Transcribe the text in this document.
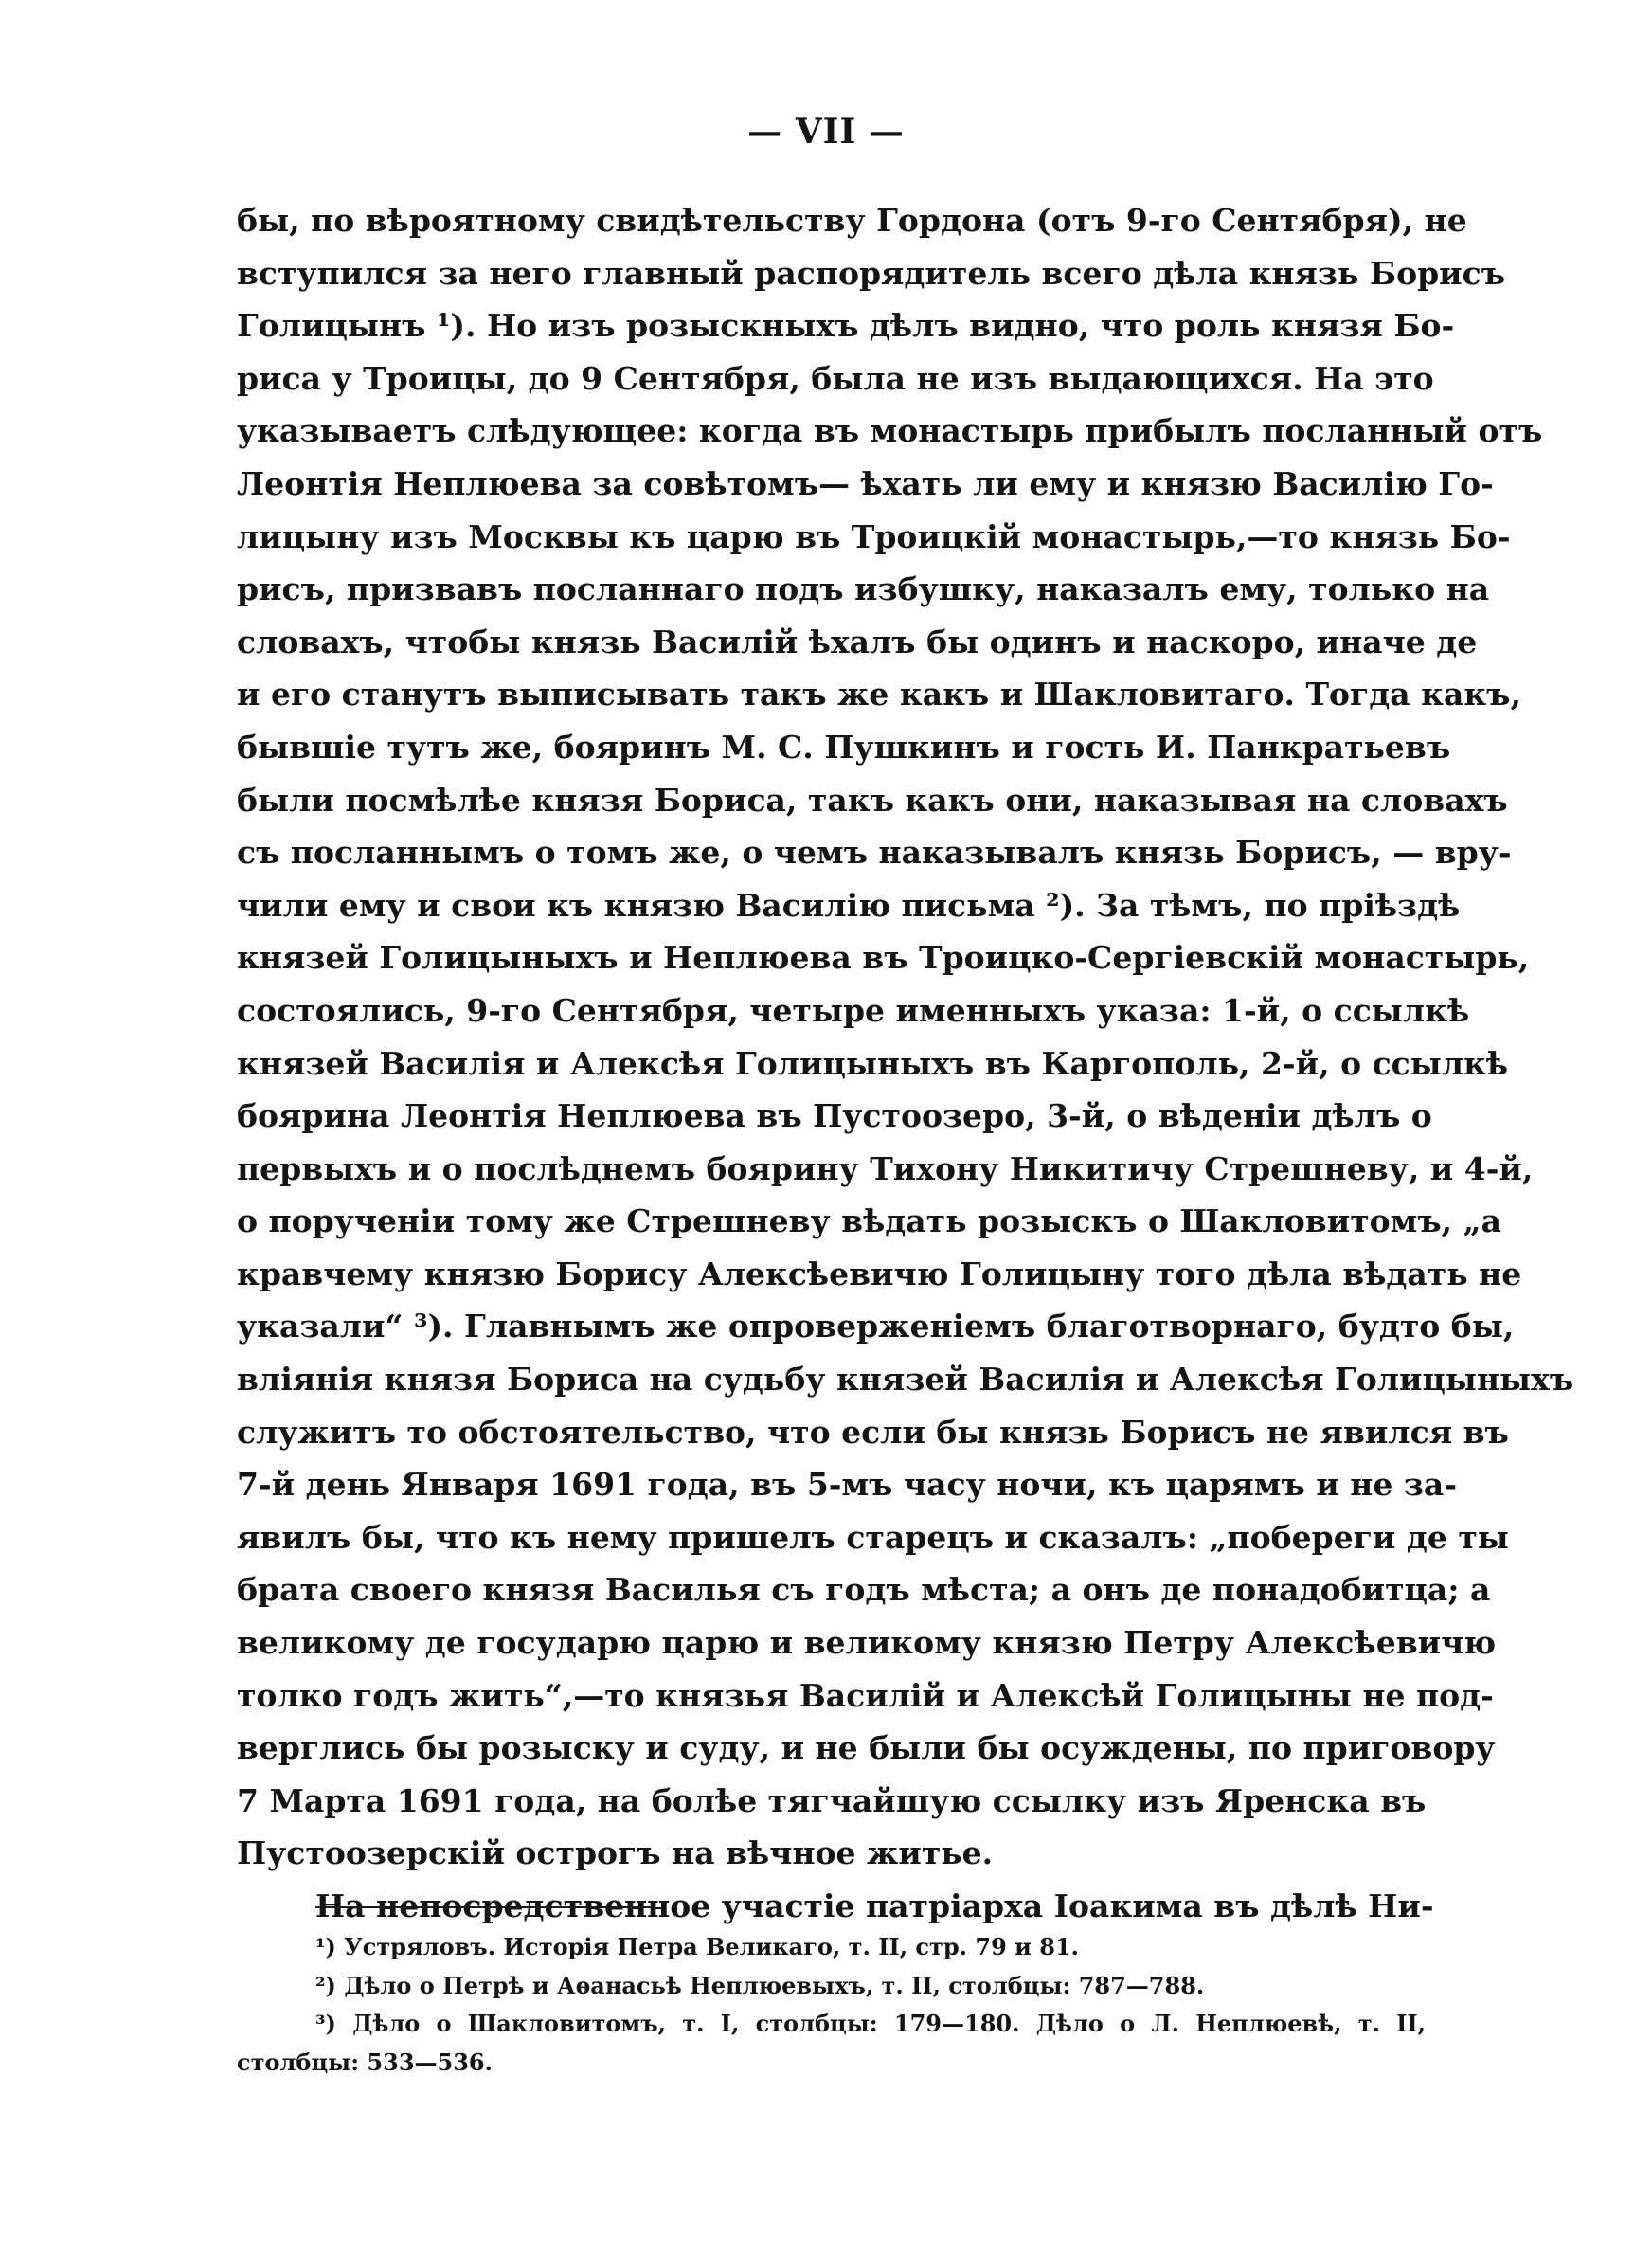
— VII —
бы, по вѣроятному свидѣтельству Гордона (отъ 9-го Сентября), не
вступился за него главный распорядитель всего дѣла князь Борисъ
Голицынъ ¹). Но изъ розыскныхъ дѣлъ видно, что роль князя Бо-
риса у Троицы, до 9 Сентября, была не изъ выдающихся. На это
указываетъ слѣдующее: когда въ монастырь прибылъ посланный отъ
Леонтія Неплюева за совѣтомъ— ѣхать ли ему и князю Василію Го-
лицыну изъ Москвы къ царю въ Троицкій монастырь,—то князь Бо-
рисъ, призвавъ посланнаго подъ избушку, наказалъ ему, только на
словахъ, чтобы князь Василій ѣхалъ бы одинъ и наскоро, иначе де
и его станутъ выписывать такъ же какъ и Шакловитаго. Тогда какъ,
бывшіе тутъ же, бояринъ М. С. Пушкинъ и гость И. Панкратьевъ
были посмѣлѣе князя Бориса, такъ какъ они, наказывая на словахъ
съ посланнымъ о томъ же, о чемъ наказывалъ князь Борисъ, — вру-
чили ему и свои къ князю Василію письма ²). За тѣмъ, по пріѣздѣ
князей Голицыныхъ и Неплюева въ Троицко-Сергіевскій монастырь,
состоялись, 9-го Сентября, четыре именныхъ указа: 1-й, о ссылкѣ
князей Василія и Алексѣя Голицыныхъ въ Каргополь, 2-й, о ссылкѣ
боярина Леонтія Неплюева въ Пустоозеро, 3-й, о вѣденіи дѣлъ о
первыхъ и о послѣднемъ боярину Тихону Никитичу Стрешневу, и 4-й,
о порученіи тому же Стрешневу вѣдать розыскъ о Шакловитомъ, „а
кравчему князю Борису Алексѣевичю Голицыну того дѣла вѣдать не
указали“ ³). Главнымъ же опроверженіемъ благотворнаго, будто бы,
вліянія князя Бориса на судьбу князей Василія и Алексѣя Голицыныхъ
служитъ то обстоятельство, что если бы князь Борисъ не явился въ
7-й день Января 1691 года, въ 5-мъ часу ночи, къ царямъ и не за-
явилъ бы, что къ нему пришелъ старецъ и сказалъ: „побереги де ты
брата своего князя Василья съ годъ мѣста; а онъ де понадобитца; а
великому де государю царю и великому князю Петру Алексѣевичю
толко годъ жить“,—то князья Василій и Алексѣй Голицыны не под-
верглись бы розыску и суду, и не были бы осуждены, по приговору
7 Марта 1691 года, на болѣе тягчайшую ссылку изъ Яренска въ
Пустоозерскій острогъ на вѣчное житье.
На непосредственное участіе патріарха Іоакима въ дѣлѣ Ни-
¹) Устряловъ. Исторія Петра Великаго, т. II, стр. 79 и 81.
²) Дѣло о Петрѣ и Аѳанасьѣ Неплюевыхъ, т. II, столбцы: 787—788.
³) Дѣло о Шакловитомъ, т. I, столбцы: 179—180. Дѣло о Л. Неплюевѣ, т. II,
столбцы: 533—536.
